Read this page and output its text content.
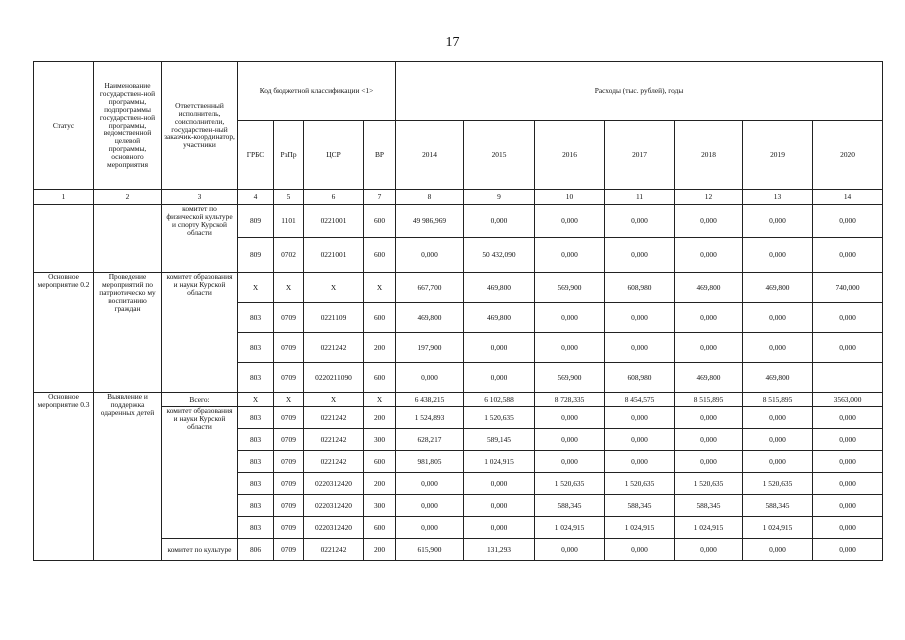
17
Статус	Наименование государствен-ной программы, подпрограммы государствен-ной программы, ведомственной целевой программы, основного мероприятия	Ответственный исполнитель, соисполнители, государствен-ный заказчик-координатор, участники	Код бюджетной классификации <1>				Расходы (тыс. рублей), годы						
			ГРБС	РзПр	ЦСР	ВР	2014	2015	2016	2017	2018	2019	2020
1	2	3	4	5	6	7	8	9	10	11	12	13	14
		комитет по физической культуре и спорту Курской области	809	1101	0221001	600	49 986,969	0,000	0,000	0,000	0,000	0,000	0,000
			809	0702	0221001	600	0,000	50 432,090	0,000	0,000	0,000	0,000	0,000
Основное мероприятие 0.2	Проведение мероприятий по патриотическо му воспитанию граждан	комитет образования и науки Курской области	X	X	X	X	667,700	469,800	569,900	608,980	469,800	469,800	740,000
			803	0709	0221109	600	469,800	469,800	0,000	0,000	0,000	0,000	0,000
			803	0709	0221242	200	197,900	0,000	0,000	0,000	0,000	0,000	0,000
			803	0709	0220211090	600	0,000	0,000	569,900	608,980	469,800	469,800	
Основное мероприятие 0.3	Выявление и поддержка одаренных детей	Всего:	X	X	X	X	6 438,215	6 102,588	8 728,335	8 454,575	8 515,895	8 515,895	3563,000
		комитет образования и науки Курской области	803	0709	0221242	200	1 524,893	1 520,635	0,000	0,000	0,000	0,000	0,000
			803	0709	0221242	300	628,217	589,145	0,000	0,000	0,000	0,000	0,000
			803	0709	0221242	600	981,805	1 024,915	0,000	0,000	0,000	0,000	0,000
			803	0709	0220312420	200	0,000	0,000	1 520,635	1 520,635	1 520,635	1 520,635	0,000
			803	0709	0220312420	300	0,000	0,000	588,345	588,345	588,345	588,345	0,000
			803	0709	0220312420	600	0,000	0,000	1 024,915	1 024,915	1 024,915	1 024,915	0,000
		комитет по культуре	806	0709	0221242	200	615,900	131,293	0,000	0,000	0,000	0,000	0,000
